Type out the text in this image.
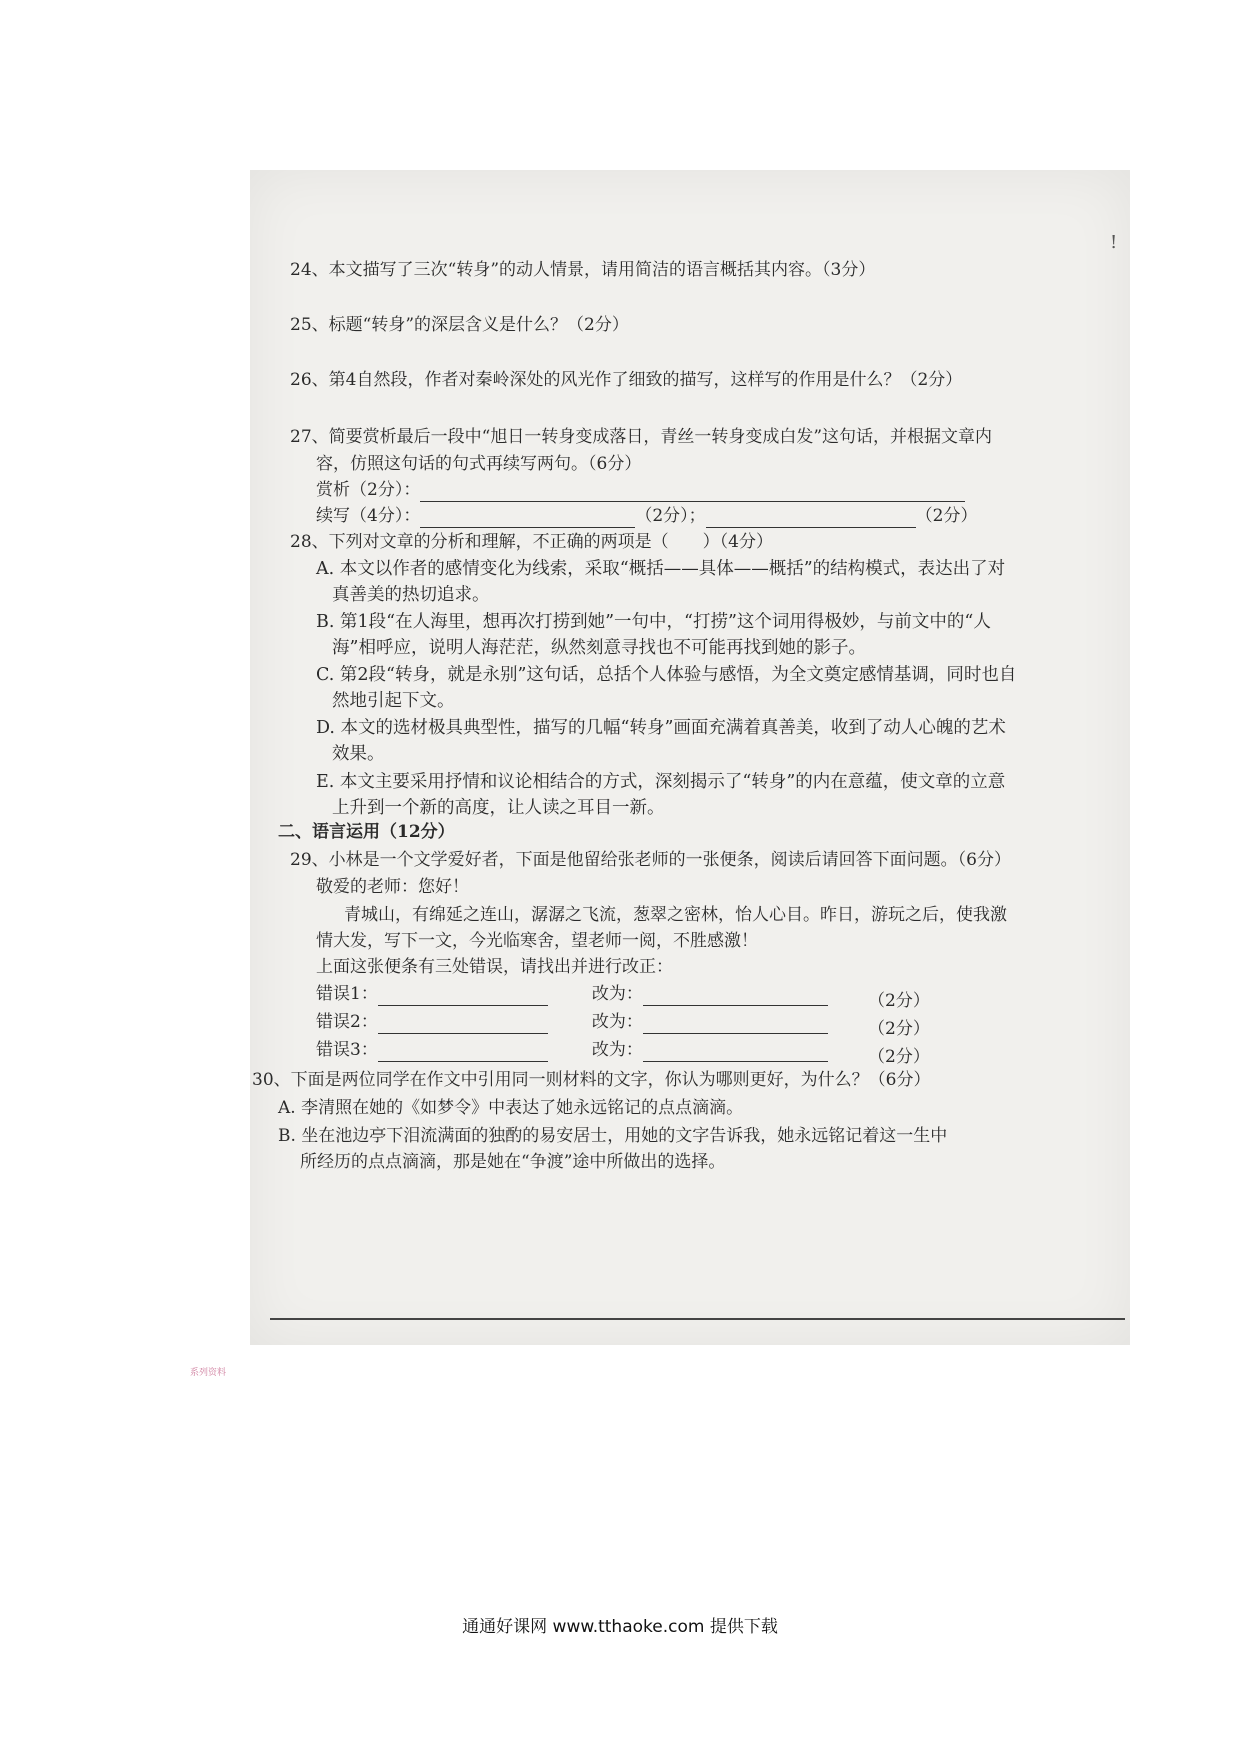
!
24、本文描写了三次“转身”的动人情景，请用简洁的语言概括其内容。（3分）
25、标题“转身”的深层含义是什么？（2分）
26、第4自然段，作者对秦岭深处的风光作了细致的描写，这样写的作用是什么？（2分）
27、简要赏析最后一段中“旭日一转身变成落日，青丝一转身变成白发”这句话，并根据文章内
容，仿照这句话的句式再续写两句。（6分）
赏析（2分）：
续写（4分）：	（2分）；	（2分）
28、下列对文章的分析和理解，不正确的两项是（　　）（4分）
A. 本文以作者的感情变化为线索，采取“概括——具体——概括”的结构模式，表达出了对
真善美的热切追求。
B. 第1段“在人海里，想再次打捞到她”一句中，“打捞”这个词用得极妙，与前文中的“人
海”相呼应，说明人海茫茫，纵然刻意寻找也不可能再找到她的影子。
C. 第2段“转身，就是永别”这句话，总括个人体验与感悟，为全文奠定感情基调，同时也自
然地引起下文。
D. 本文的选材极具典型性，描写的几幅“转身”画面充满着真善美，收到了动人心魄的艺术
效果。
E. 本文主要采用抒情和议论相结合的方式，深刻揭示了“转身”的内在意蕴，使文章的立意
上升到一个新的高度，让人读之耳目一新。
二、语言运用（12分）
29、小林是一个文学爱好者，下面是他留给张老师的一张便条，阅读后请回答下面问题。（6分）
敬爱的老师：您好！
青城山，有绵延之连山，潺潺之飞流，葱翠之密林，怡人心目。昨日，游玩之后，使我激
情大发，写下一文，今光临寒舍，望老师一阅，不胜感激！
上面这张便条有三处错误，请找出并进行改正：
错误1：	改为：	（2分）
错误2：	改为：	（2分）
错误3：	改为：	（2分）
30、下面是两位同学在作文中引用同一则材料的文字，你认为哪则更好，为什么？（6分）
A. 李清照在她的《如梦令》中表达了她永远铭记的点点滴滴。
B. 坐在池边亭下泪流满面的独酌的易安居士，用她的文字告诉我，她永远铭记着这一生中
所经历的点点滴滴，那是她在“争渡”途中所做出的选择。
系列资料
通通好课网 www.tthaoke.com 提供下载
